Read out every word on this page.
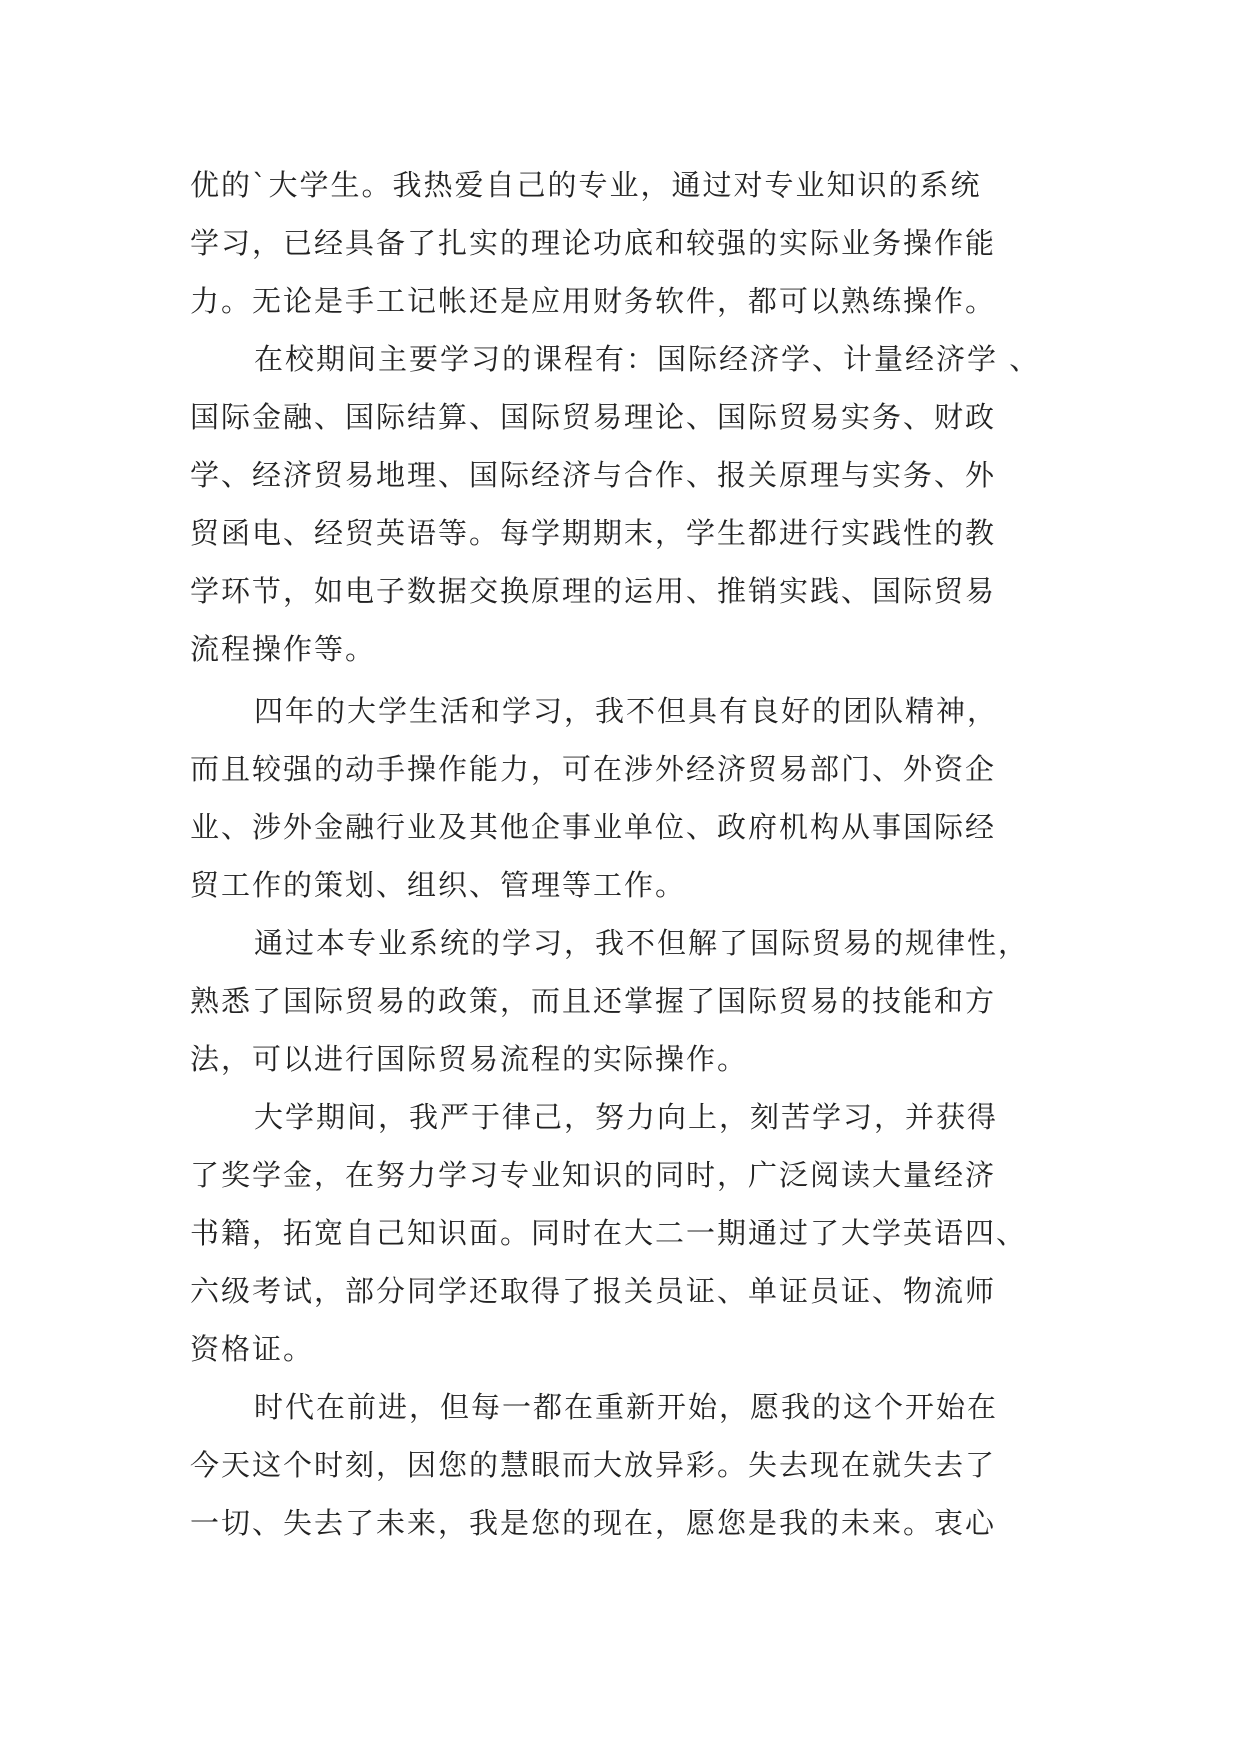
优的`大学生。我热爱自己的专业，通过对专业知识的系统
学习，已经具备了扎实的理论功底和较强的实际业务操作能
力。无论是手工记帐还是应用财务软件，都可以熟练操作。
在校期间主要学习的课程有：国际经济学、计量经济学 、
国际金融、国际结算、国际贸易理论、国际贸易实务、财政
学、经济贸易地理、国际经济与合作、报关原理与实务、外
贸函电、经贸英语等。每学期期末，学生都进行实践性的教
学环节，如电子数据交换原理的运用、推销实践、国际贸易
流程操作等。
四年的大学生活和学习，我不但具有良好的团队精神，
而且较强的动手操作能力，可在涉外经济贸易部门、外资企
业、涉外金融行业及其他企事业单位、政府机构从事国际经
贸工作的策划、组织、管理等工作。
通过本专业系统的学习，我不但解了国际贸易的规律性，
熟悉了国际贸易的政策，而且还掌握了国际贸易的技能和方
法，可以进行国际贸易流程的实际操作。
大学期间，我严于律己，努力向上，刻苦学习，并获得
了奖学金，在努力学习专业知识的同时，广泛阅读大量经济
书籍，拓宽自己知识面。同时在大二一期通过了大学英语四、
六级考试，部分同学还取得了报关员证、单证员证、物流师
资格证。
时代在前进，但每一都在重新开始，愿我的这个开始在
今天这个时刻，因您的慧眼而大放异彩。失去现在就失去了
一切、失去了未来，我是您的现在，愿您是我的未来。衷心
